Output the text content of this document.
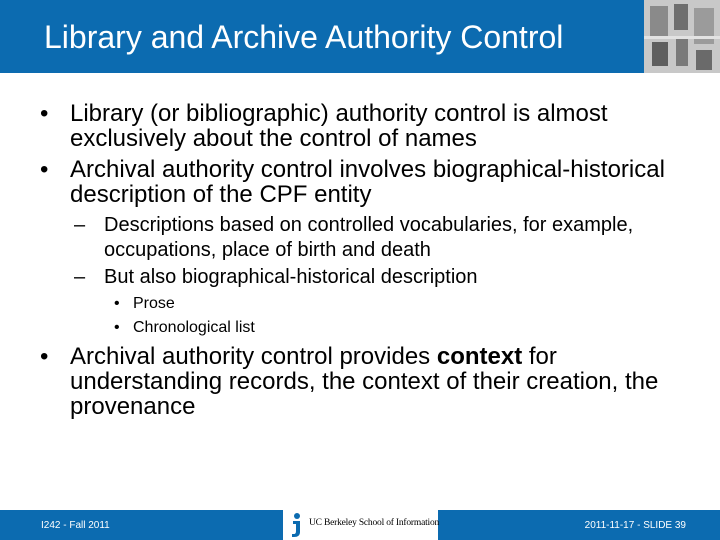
Library and Archive Authority Control
• Library (or bibliographic) authority control is almost exclusively about the control of names
• Archival authority control involves biographical-historical description of the CPF entity
– Descriptions based on controlled vocabularies, for example, occupations, place of birth and death
– But also biographical-historical description
• Prose
• Chronological list
• Archival authority control provides context for understanding records, the context of their creation, the provenance
I242 - Fall 2011	UC Berkeley School of Information	2011-11-17 - SLIDE 39
